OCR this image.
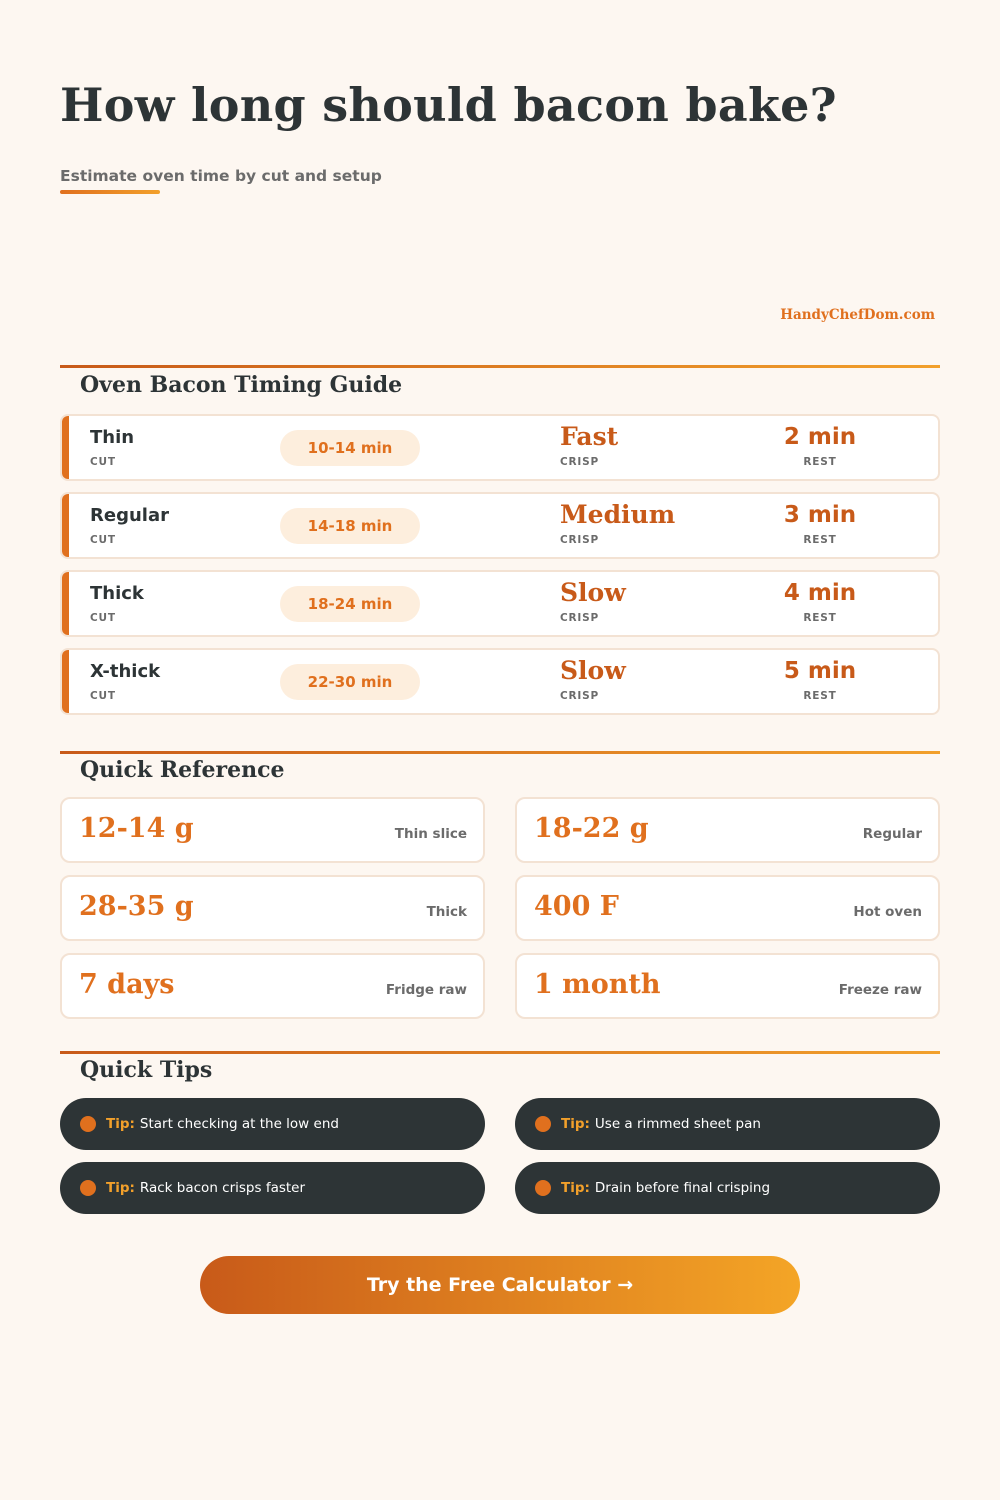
How long should bacon bake?
Estimate oven time by cut and setup
HandyChefDom.com
Oven Bacon Timing Guide
Thin
CUT
10-14 min	Fast
CRISP
2 min
REST
Regular
CUT
14-18 min	Medium
CRISP
3 min
REST
Thick
CUT
18-24 min	Slow
CRISP
4 min
REST
X-thick
CUT
22-30 min	Slow
CRISP
5 min
REST
Quick Reference
12-14 g	Thin slice 18-22 g	Regular
28-35 g	Thick 400 F	Hot oven
7 days	Fridge raw 1 month	Freeze raw
Quick Tips
Tip: Start checking at the low end	Tip: Use a rimmed sheet pan
Tip: Rack bacon crisps faster	Tip: Drain before final crisping
Try the Free Calculator →
